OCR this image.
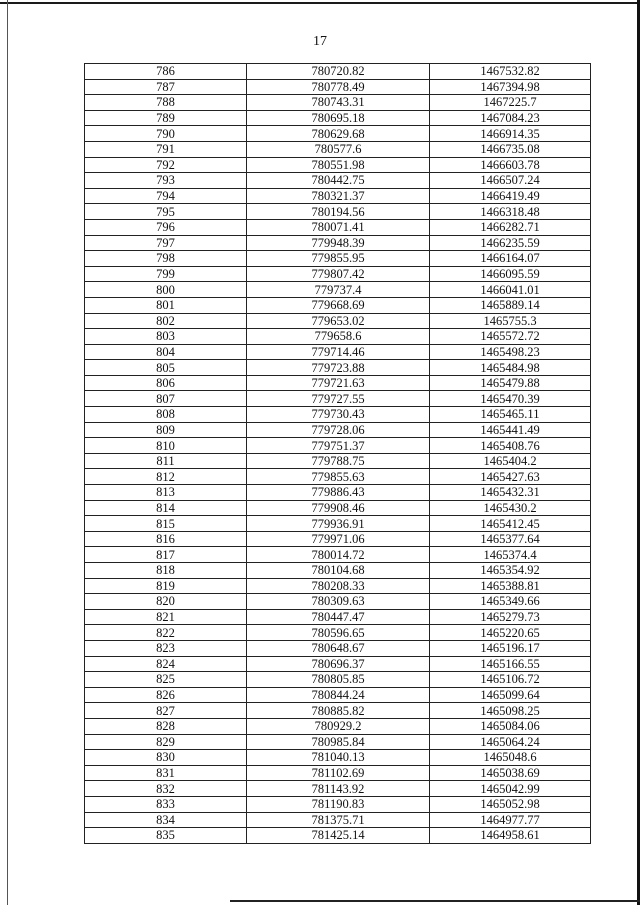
17
786	780720.82	1467532.82
787	780778.49	1467394.98
788	780743.31	1467225.7
789	780695.18	1467084.23
790	780629.68	1466914.35
791	780577.6	1466735.08
792	780551.98	1466603.78
793	780442.75	1466507.24
794	780321.37	1466419.49
795	780194.56	1466318.48
796	780071.41	1466282.71
797	779948.39	1466235.59
798	779855.95	1466164.07
799	779807.42	1466095.59
800	779737.4	1466041.01
801	779668.69	1465889.14
802	779653.02	1465755.3
803	779658.6	1465572.72
804	779714.46	1465498.23
805	779723.88	1465484.98
806	779721.63	1465479.88
807	779727.55	1465470.39
808	779730.43	1465465.11
809	779728.06	1465441.49
810	779751.37	1465408.76
811	779788.75	1465404.2
812	779855.63	1465427.63
813	779886.43	1465432.31
814	779908.46	1465430.2
815	779936.91	1465412.45
816	779971.06	1465377.64
817	780014.72	1465374.4
818	780104.68	1465354.92
819	780208.33	1465388.81
820	780309.63	1465349.66
821	780447.47	1465279.73
822	780596.65	1465220.65
823	780648.67	1465196.17
824	780696.37	1465166.55
825	780805.85	1465106.72
826	780844.24	1465099.64
827	780885.82	1465098.25
828	780929.2	1465084.06
829	780985.84	1465064.24
830	781040.13	1465048.6
831	781102.69	1465038.69
832	781143.92	1465042.99
833	781190.83	1465052.98
834	781375.71	1464977.77
835	781425.14	1464958.61
